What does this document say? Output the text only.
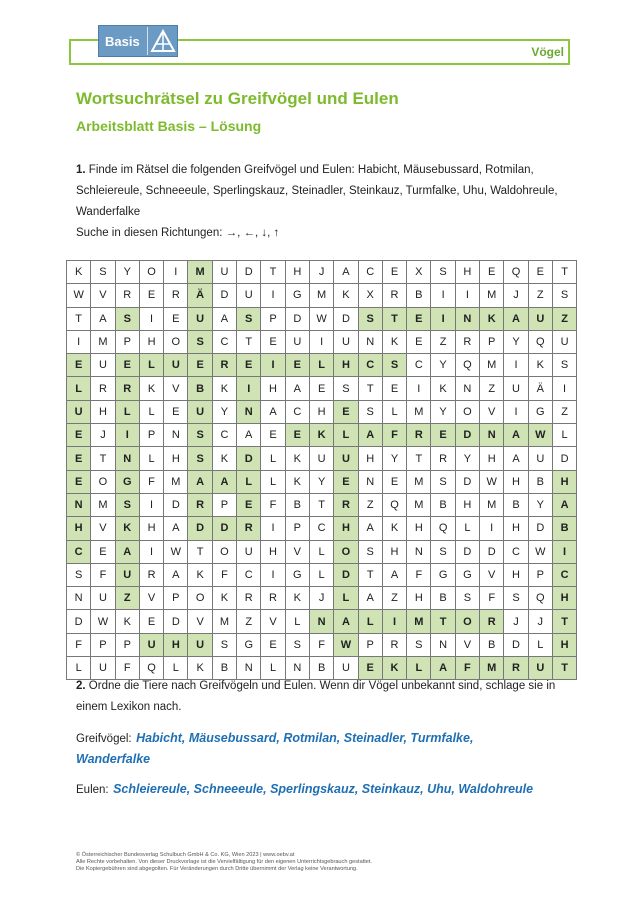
Basis
Vögel
Wortsuchrätsel zu Greifvögel und Eulen
Arbeitsblatt Basis – Lösung
1. Finde im Rätsel die folgenden Greifvögel und Eulen: Habicht, Mäusebussard, Rotmilan, Schleiereule, Schneeeule, Sperlingskauz, Steinadler, Steinkauz, Turmfalke, Uhu, Waldohreule, Wanderfalke
Suche in diesen Richtungen: →, ←, ↓, ↑
K	S	Y	O	I	M	U	D	T	H	J	A	C	E	X	S	H	E	Q	E	T
W	V	R	E	R	Ä	D	U	I	G	M	K	X	R	B	I	I	M	J	Z	S
T	A	S	I	E	U	A	S	P	D	W	D	S	T	E	I	N	K	A	U	Z
I	M	P	H	O	S	C	T	E	U	I	U	N	K	E	Z	R	P	Y	Q	U
E	U	E	L	U	E	R	E	I	E	L	H	C	S	C	Y	Q	M	I	K	S
L	R	R	K	V	B	K	I	H	A	E	S	T	E	I	K	N	Z	U	Ä	I
U	H	L	L	E	U	Y	N	A	C	H	E	S	L	M	Y	O	V	I	G	Z
E	J	I	P	N	S	C	A	E	E	K	L	A	F	R	E	D	N	A	W	L
E	T	N	L	H	S	K	D	L	K	U	U	H	Y	T	R	Y	H	A	U	D
E	O	G	F	M	A	A	L	L	K	Y	E	N	E	M	S	D	W	H	B	H
N	M	S	I	D	R	P	E	F	B	T	R	Z	Q	M	B	H	M	B	Y	A
H	V	K	H	A	D	D	R	I	P	C	H	A	K	H	Q	L	I	H	D	B
C	E	A	I	W	T	O	U	H	V	L	O	S	H	N	S	D	D	C	W	I
S	F	U	R	A	K	F	C	I	G	L	D	T	A	F	G	G	V	H	P	C
N	U	Z	V	P	O	K	R	R	K	J	L	A	Z	H	B	S	F	S	Q	H
D	W	K	E	D	V	M	Z	V	L	N	A	L	I	M	T	O	R	J	J	T
F	P	P	U	H	U	S	G	E	S	F	W	P	R	S	N	V	B	D	L	H
L	U	F	Q	L	K	B	N	L	N	B	U	E	K	L	A	F	M	R	U	T
2. Ordne die Tiere nach Greifvögeln und Eulen. Wenn dir Vögel unbekannt sind, schlage sie in einem Lexikon nach.
Greifvögel: Habicht, Mäusebussard, Rotmilan, Steinadler, Turmfalke, Wanderfalke
Eulen: Schleiereule, Schneeeule, Sperlingskauz, Steinkauz, Uhu, Waldohreule
© Österreichischer Bundesverlag Schulbuch GmbH & Co. KG, Wien 2023 | www.oebv.at
Alle Rechte vorbehalten. Von dieser Druckvorlage ist die Vervielfältigung für den eigenen Unterrichtsgebrauch gestattet.
Die Kopiergebühren sind abgegolten. Für Veränderungen durch Dritte übernimmt der Verlag keine Verantwortung.
